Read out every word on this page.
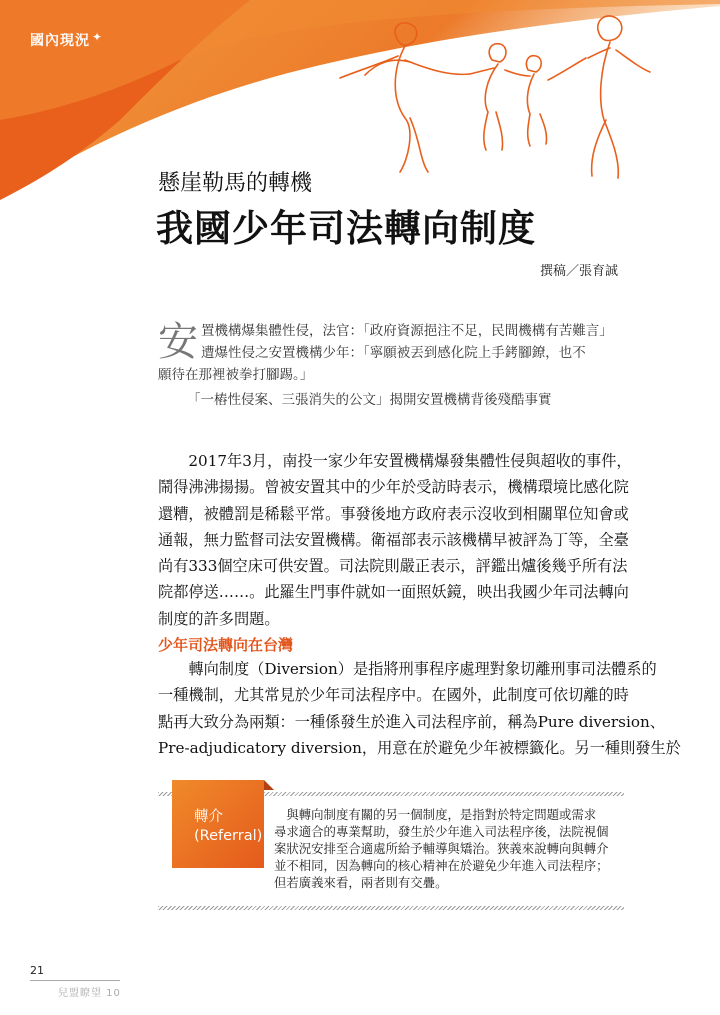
國內現況 ✦
懸崖勒馬的轉機
我國少年司法轉向制度
撰稿／張育誠
安 置機構爆集體性侵，法官：「政府資源挹注不足，民間機構有苦難言」
遭爆性侵之安置機構少年：「寧願被丟到感化院上手銬腳鐐，也不
願待在那裡被拳打腳踢。」
「一樁性侵案、三張消失的公文」揭開安置機構背後殘酷事實
　　2017年3月，南投一家少年安置機構爆發集體性侵與超收的事件，
鬧得沸沸揚揚。曾被安置其中的少年於受訪時表示，機構環境比感化院
還糟，被體罰是稀鬆平常。事發後地方政府表示沒收到相關單位知會或
通報，無力監督司法安置機構。衛福部表示該機構早被評為丁等，全臺
尚有333個空床可供安置。司法院則嚴正表示，評鑑出爐後幾乎所有法
院都停送……。此羅生門事件就如一面照妖鏡，映出我國少年司法轉向
制度的許多問題。
少年司法轉向在台灣
　　轉向制度（Diversion）是指將刑事程序處理對象切離刑事司法體系的
一種機制，尤其常見於少年司法程序中。在國外，此制度可依切離的時
點再大致分為兩類：一種係發生於進入司法程序前，稱為Pure diversion、
Pre-adjudicatory diversion，用意在於避免少年被標籤化。另一種則發生於
轉介
(Referral)
　與轉向制度有關的另一個制度，是指對於特定問題或需求
尋求適合的專業幫助，發生於少年進入司法程序後，法院視個
案狀況安排至合適處所給予輔導與矯治。狹義來說轉向與轉介
並不相同，因為轉向的核心精神在於避免少年進入司法程序；
但若廣義來看，兩者則有交疊。
21
兒盟瞭望 10
